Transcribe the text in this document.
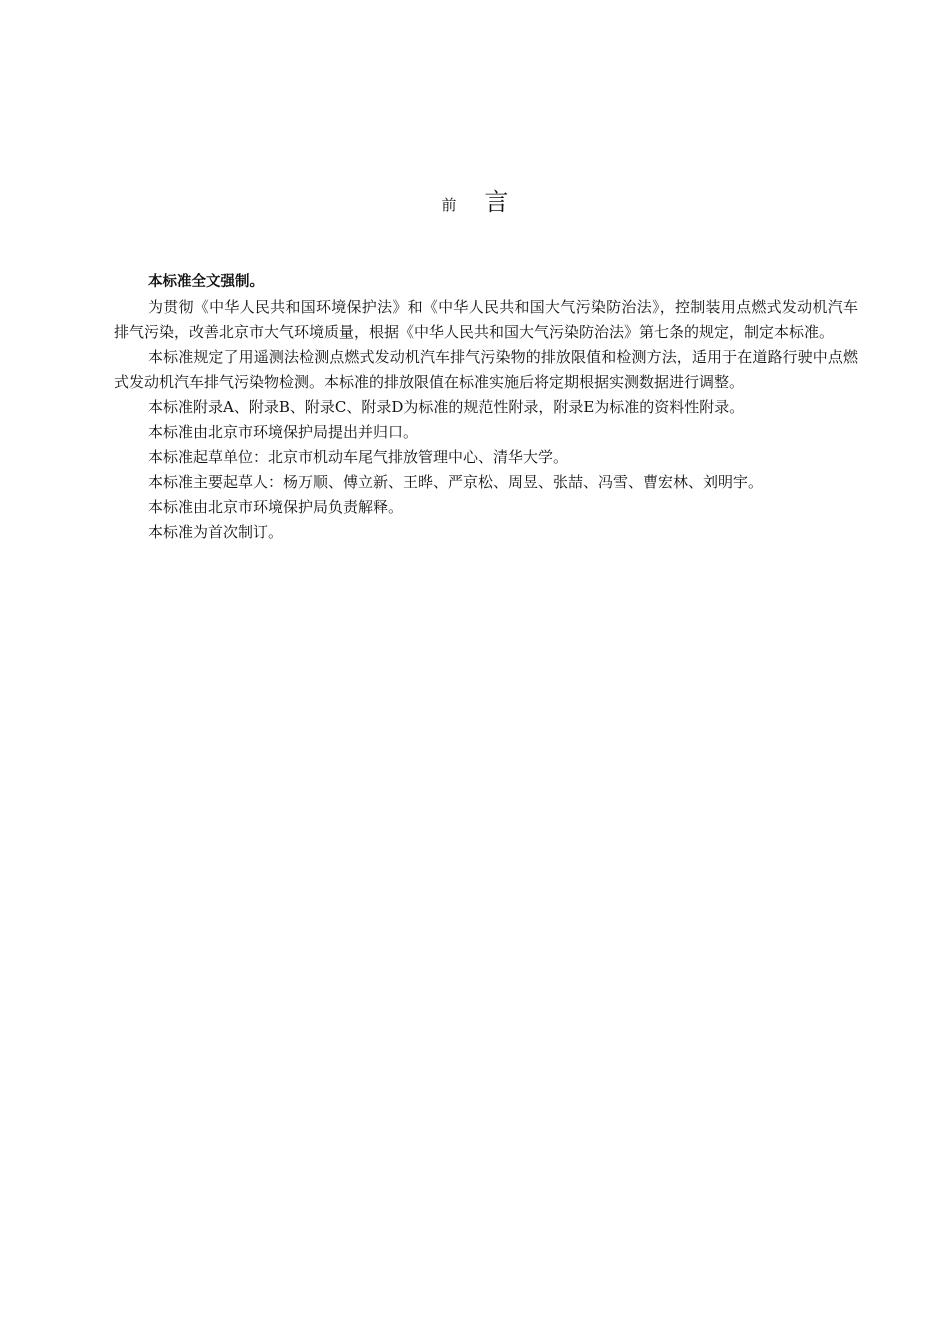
前 言

本标准全文强制。

为贯彻《中华人民共和国环境保护法》和《中华人民共和国大气污染防治法》，控制装用点燃式发动机汽车排气污染，改善北京市大气环境质量，根据《中华人民共和国大气污染防治法》第七条的规定，制定本标准。

本标准规定了用遥测法检测点燃式发动机汽车排气污染物的排放限值和检测方法，适用于在道路行驶中点燃式发动机汽车排气污染物检测。本标准的排放限值在标准实施后将定期根据实测数据进行调整。

本标准附录A、附录B、附录C、附录D为标准的规范性附录，附录E为标准的资料性附录。

本标准由北京市环境保护局提出并归口。

本标准起草单位：北京市机动车尾气排放管理中心、清华大学。

本标准主要起草人：杨万顺、傅立新、王晔、严京松、周昱、张喆、冯雪、曹宏林、刘明宇。

本标准由北京市环境保护局负责解释。

本标准为首次制订。
